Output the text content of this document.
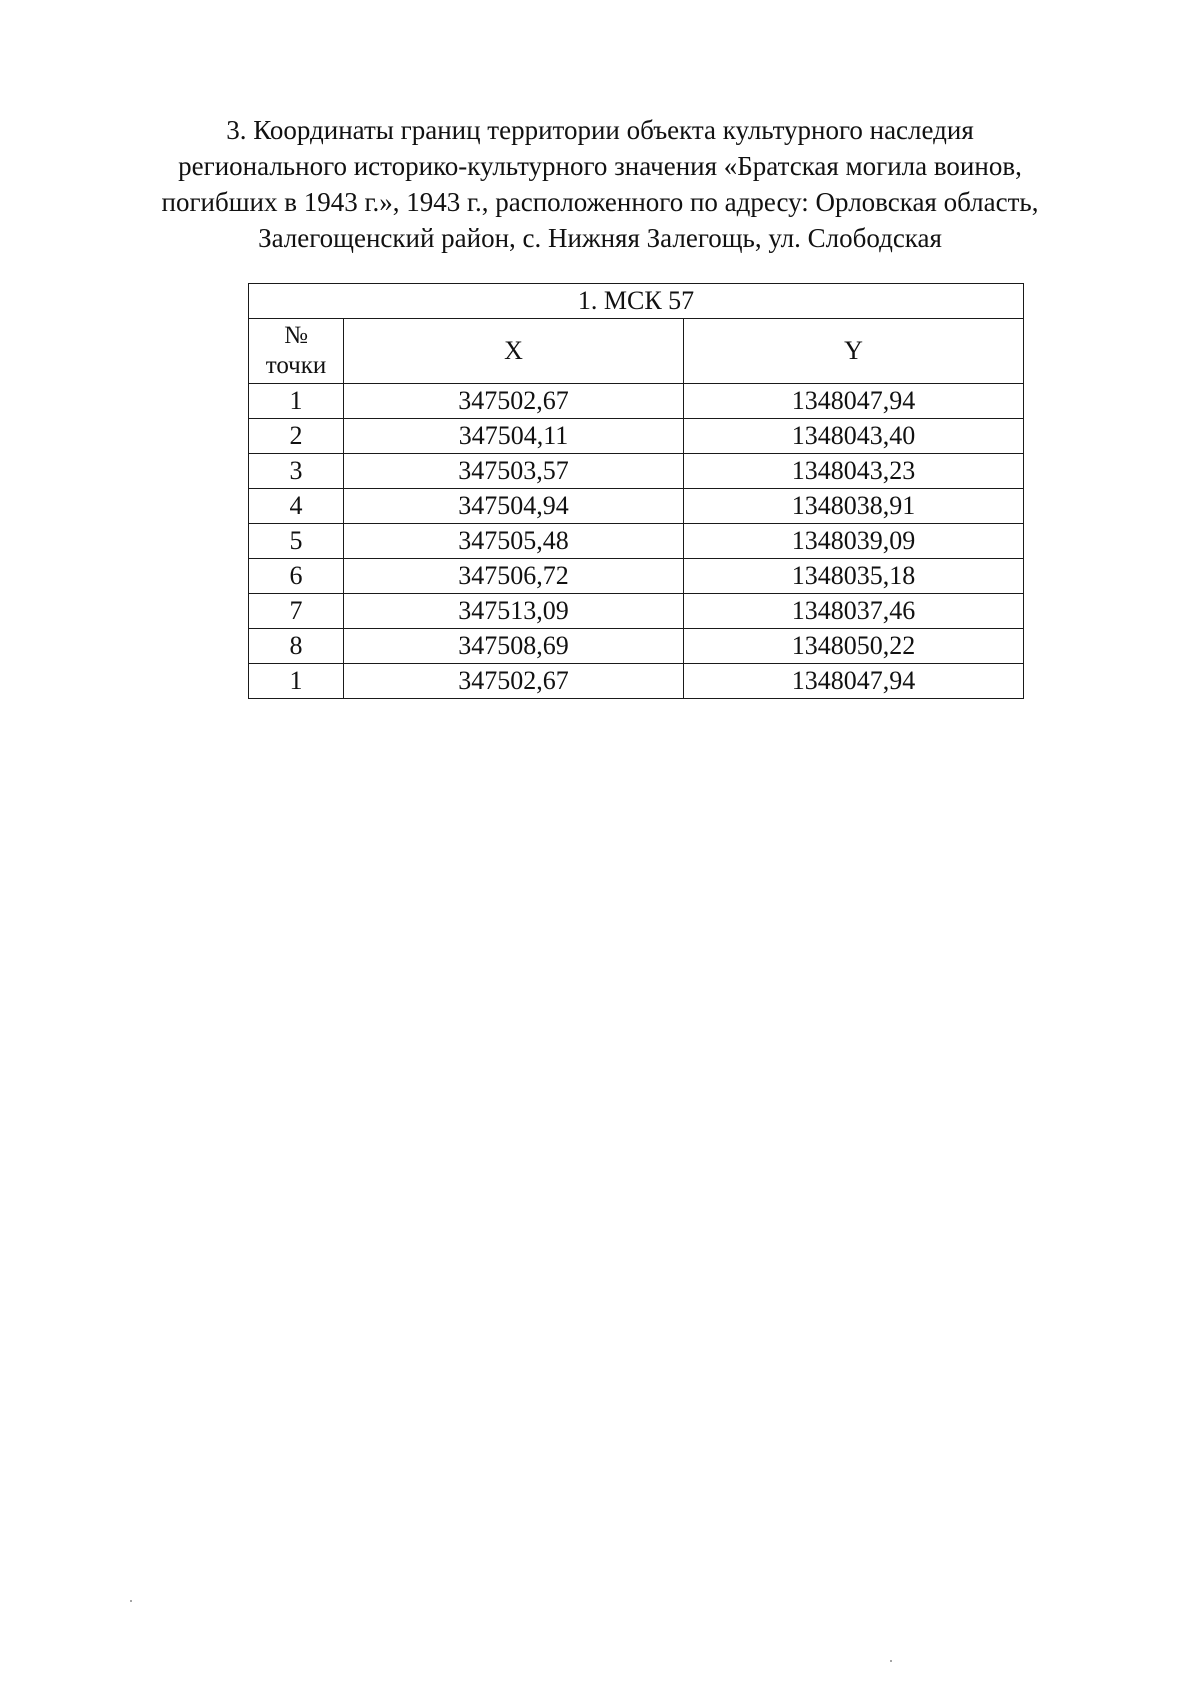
3. Координаты границ территории объекта культурного наследия
регионального историко-культурного значения «Братская могила воинов,
погибших в 1943 г.», 1943 г., расположенного по адресу: Орловская область,
Залегощенский район, с. Нижняя Залегощь, ул. Слободская
1. МСК 57		
№
точки	X	Y
1	347502,67	1348047,94
2	347504,11	1348043,40
3	347503,57	1348043,23
4	347504,94	1348038,91
5	347505,48	1348039,09
6	347506,72	1348035,18
7	347513,09	1348037,46
8	347508,69	1348050,22
1	347502,67	1348047,94
